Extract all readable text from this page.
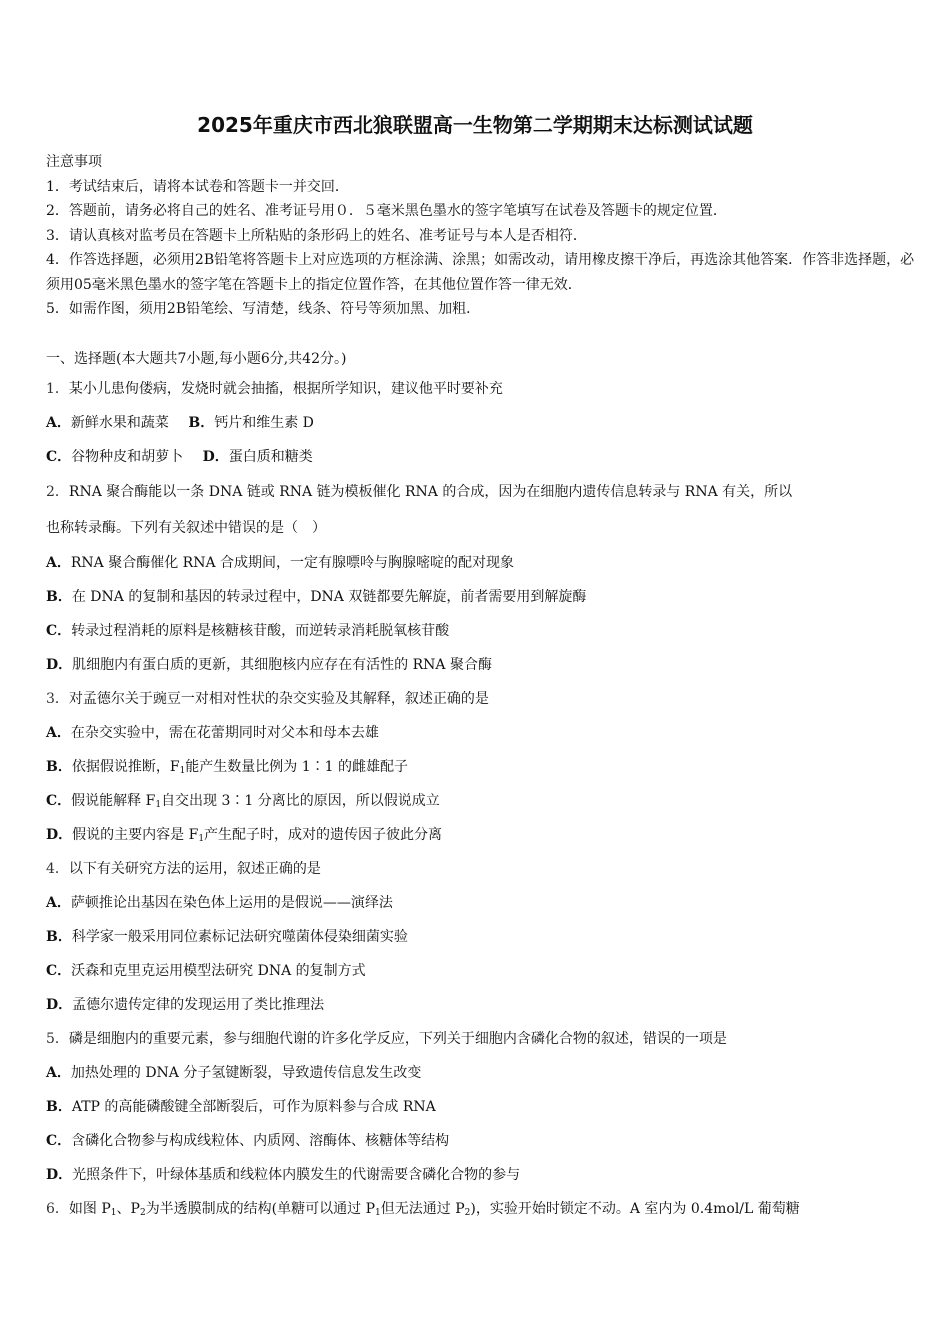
2025年重庆市西北狼联盟高一生物第二学期期末达标测试试题
注意事项
1．考试结束后，请将本试卷和答题卡一并交回．
2．答题前，请务必将自己的姓名、准考证号用０．５毫米黑色墨水的签字笔填写在试卷及答题卡的规定位置．
3．请认真核对监考员在答题卡上所粘贴的条形码上的姓名、准考证号与本人是否相符．
4．作答选择题，必须用2B铅笔将答题卡上对应选项的方框涂满、涂黑；如需改动，请用橡皮擦干净后，再选涂其他答案．作答非选择题，必须用05毫米黑色墨水的签字笔在答题卡上的指定位置作答，在其他位置作答一律无效．
5．如需作图，须用2B铅笔绘、写清楚，线条、符号等须加黑、加粗．
一、选择题(本大题共7小题,每小题6分,共42分。)
1．某小儿患佝偻病，发烧时就会抽搐，根据所学知识，建议他平时要补充
A．新鲜水果和蔬菜 B．钙片和维生素 D
C．谷物种皮和胡萝卜 D．蛋白质和糖类
2．RNA 聚合酶能以一条 DNA 链或 RNA 链为模板催化 RNA 的合成，因为在细胞内遗传信息转录与 RNA 有关，所以
也称转录酶。下列有关叙述中错误的是（　）
A．RNA 聚合酶催化 RNA 合成期间，一定有腺嘌呤与胸腺嘧啶的配对现象
B．在 DNA 的复制和基因的转录过程中，DNA 双链都要先解旋，前者需要用到解旋酶
C．转录过程消耗的原料是核糖核苷酸，而逆转录消耗脱氧核苷酸
D．肌细胞内有蛋白质的更新，其细胞核内应存在有活性的 RNA 聚合酶
3．对孟德尔关于豌豆一对相对性状的杂交实验及其解释，叙述正确的是
A．在杂交实验中，需在花蕾期同时对父本和母本去雄
B．依据假说推断，$F_1$能产生数量比例为 1∶1 的雌雄配子
C．假说能解释 $F_1$自交出现 3∶1 分离比的原因，所以假说成立
D．假说的主要内容是 $F_1$产生配子时，成对的遗传因子彼此分离
4．以下有关研究方法的运用，叙述正确的是
A．萨顿推论出基因在染色体上运用的是假说——演绎法
B．科学家一般采用同位素标记法研究噬菌体侵染细菌实验
C．沃森和克里克运用模型法研究 DNA 的复制方式
D．孟德尔遗传定律的发现运用了类比推理法
5．磷是细胞内的重要元素，参与细胞代谢的许多化学反应，下列关于细胞内含磷化合物的叙述，错误的一项是
A．加热处理的 DNA 分子氢键断裂，导致遗传信息发生改变
B．ATP 的高能磷酸键全部断裂后，可作为原料参与合成 RNA
C．含磷化合物参与构成线粒体、内质网、溶酶体、核糖体等结构
D．光照条件下，叶绿体基质和线粒体内膜发生的代谢需要含磷化合物的参与
6．如图 $P_1$、$P_2$为半透膜制成的结构(单糖可以通过 $P_1$但无法通过 $P_2$)，实验开始时锁定不动。A 室内为 0.4mol/L 葡萄糖
